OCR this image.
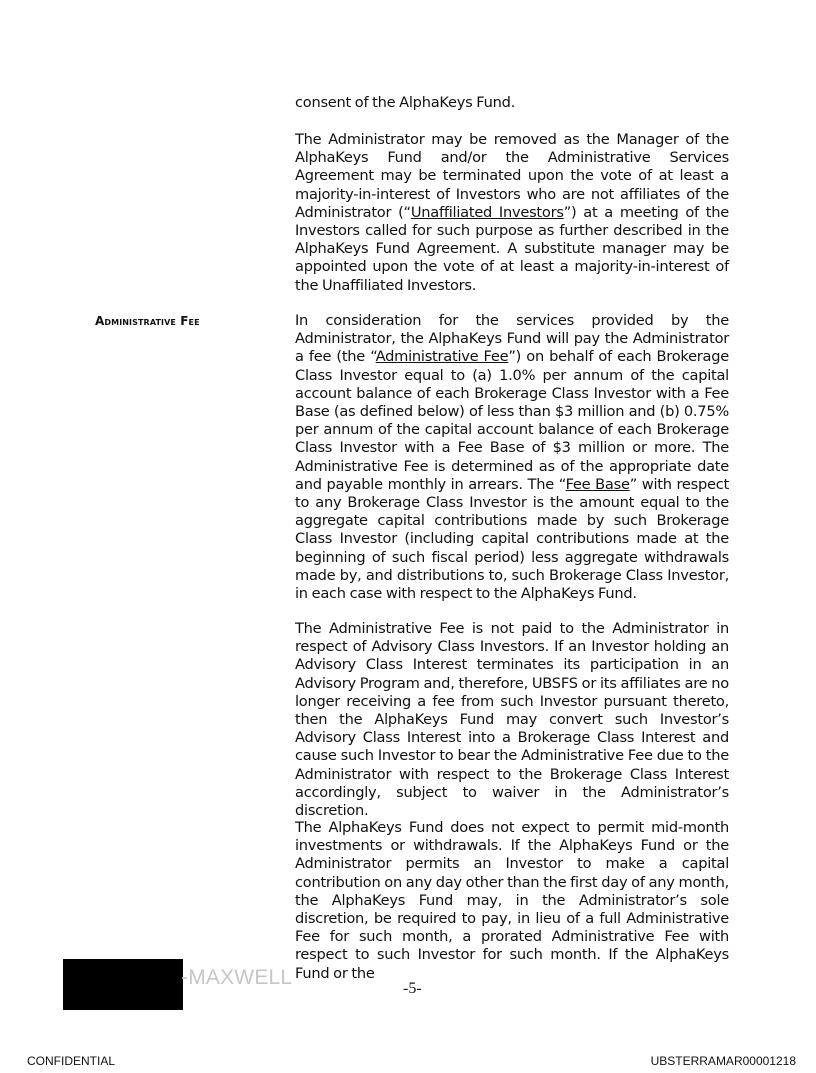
consent of the AlphaKeys Fund.

The Administrator may be removed as the Manager of the AlphaKeys Fund and/or the Administrative Services Agreement may be terminated upon the vote of at least a majority-in-interest of Investors who are not affiliates of the Administrator (“Unaffiliated Investors”) at a meeting of the Investors called for such purpose as further described in the AlphaKeys Fund Agreement. A substitute manager may be appointed upon the vote of at least a majority-in-interest of the Unaffiliated Investors.

Administrative Fee	In consideration for the services provided by the Administrator, the AlphaKeys Fund will pay the Administrator a fee (the “Administrative Fee”) on behalf of each Brokerage Class Investor equal to (a) 1.0% per annum of the capital account balance of each Brokerage Class Investor with a Fee Base (as defined below) of less than $3 million and (b) 0.75% per annum of the capital account balance of each Brokerage Class Investor with a Fee Base of $3 million or more. The Administrative Fee is determined as of the appropriate date and payable monthly in arrears. The “Fee Base” with respect to any Brokerage Class Investor is the amount equal to the aggregate capital contributions made by such Brokerage Class Investor (including capital contributions made at the beginning of such fiscal period) less aggregate withdrawals made by, and distributions to, such Brokerage Class Investor, in each case with respect to the AlphaKeys Fund.

The Administrative Fee is not paid to the Administrator in respect of Advisory Class Investors. If an Investor holding an Advisory Class Interest terminates its participation in an Advisory Program and, therefore, UBSFS or its affiliates are no longer receiving a fee from such Investor pursuant thereto, then the AlphaKeys Fund may convert such Investor’s Advisory Class Interest into a Brokerage Class Interest and cause such Investor to bear the Administrative Fee due to the Administrator with respect to the Brokerage Class Interest accordingly, subject to waiver in the Administrator’s discretion.

The AlphaKeys Fund does not expect to permit mid-month investments or withdrawals. If the AlphaKeys Fund or the Administrator permits an Investor to make a capital contribution on any day other than the first day of any month, the AlphaKeys Fund may, in the Administrator’s sole discretion, be required to pay, in lieu of a full Administrative Fee for such month, a prorated Administrative Fee with respect to such Investor for such month. If the AlphaKeys Fund or the

-MAXWELL	-5-
CONFIDENTIAL	UBSTERRAMAR00001218
